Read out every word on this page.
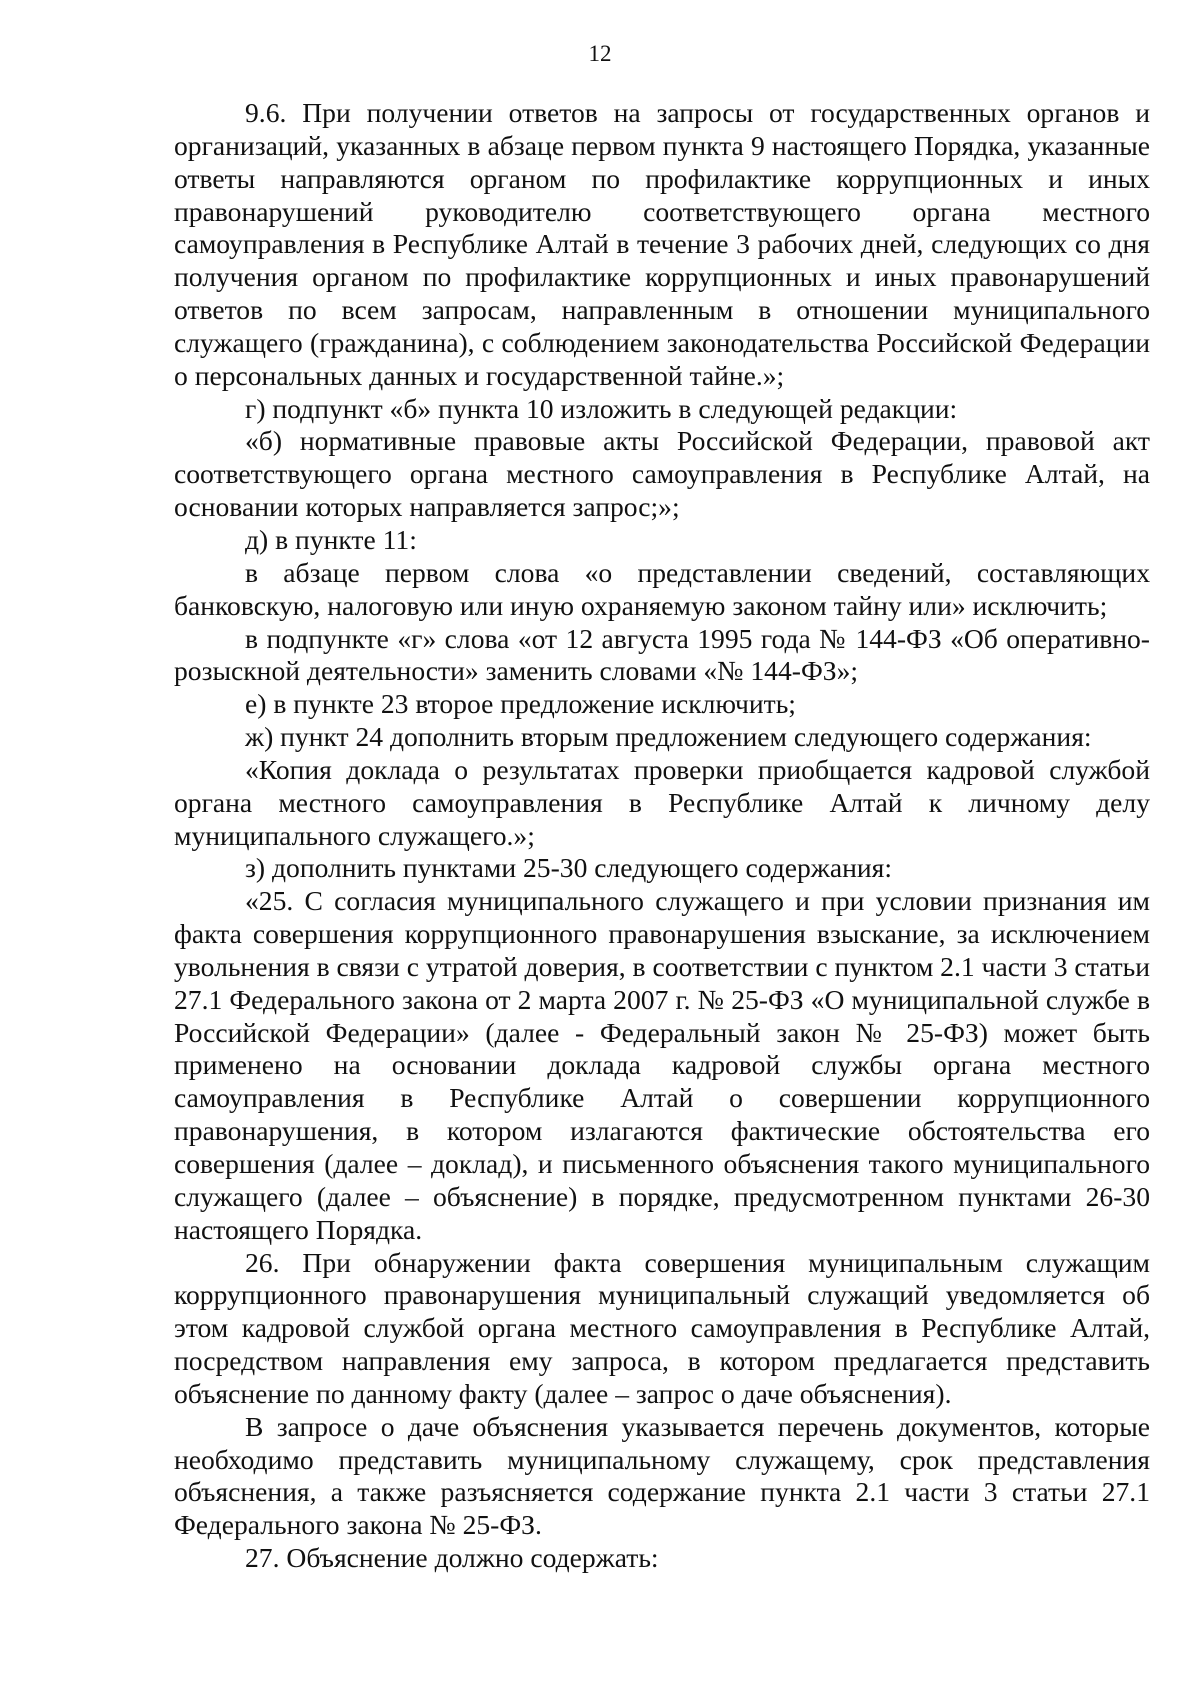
12

9.6. При получении ответов на запросы от государственных органов и организаций, указанных в абзаце первом пункта 9 настоящего Порядка, указанные ответы направляются органом по профилактике коррупционных и иных правонарушений руководителю соответствующего органа местного самоуправления в Республике Алтай в течение 3 рабочих дней, следующих со дня получения органом по профилактике коррупционных и иных правонарушений ответов по всем запросам, направленным в отношении муниципального служащего (гражданина), с соблюдением законодательства Российской Федерации о персональных данных и государственной тайне.»;

г) подпункт «б» пункта 10 изложить в следующей редакции:

«б) нормативные правовые акты Российской Федерации, правовой акт соответствующего органа местного самоуправления в Республике Алтай, на основании которых направляется запрос;»;

д) в пункте 11:

в абзаце первом слова «о представлении сведений, составляющих банковскую, налоговую или иную охраняемую законом тайну или» исключить;

в подпункте «г» слова «от 12 августа 1995 года № 144-ФЗ «Об оперативно-розыскной деятельности» заменить словами «№ 144-ФЗ»;

е) в пункте 23 второе предложение исключить;

ж) пункт 24 дополнить вторым предложением следующего содержания:

«Копия доклада о результатах проверки приобщается кадровой службой органа местного самоуправления в Республике Алтай к личному делу муниципального служащего.»;

з) дополнить пунктами 25-30 следующего содержания:

«25. С согласия муниципального служащего и при условии признания им факта совершения коррупционного правонарушения взыскание, за исключением увольнения в связи с утратой доверия, в соответствии с пунктом 2.1 части 3 статьи 27.1 Федерального закона от 2 марта 2007 г. № 25-ФЗ «О муниципальной службе в Российской Федерации» (далее - Федеральный закон № 25-ФЗ) может быть применено на основании доклада кадровой службы органа местного самоуправления в Республике Алтай о совершении коррупционного правонарушения, в котором излагаются фактические обстоятельства его совершения (далее – доклад), и письменного объяснения такого муниципального служащего (далее – объяснение) в порядке, предусмотренном пунктами 26-30 настоящего Порядка.

26. При обнаружении факта совершения муниципальным служащим коррупционного правонарушения муниципальный служащий уведомляется об этом кадровой службой органа местного самоуправления в Республике Алтай, посредством направления ему запроса, в котором предлагается представить объяснение по данному факту (далее – запрос о даче объяснения).

В запросе о даче объяснения указывается перечень документов, которые необходимо представить муниципальному служащему, срок представления объяснения, а также разъясняется содержание пункта 2.1 части 3 статьи 27.1 Федерального закона № 25-ФЗ.

27. Объяснение должно содержать:
